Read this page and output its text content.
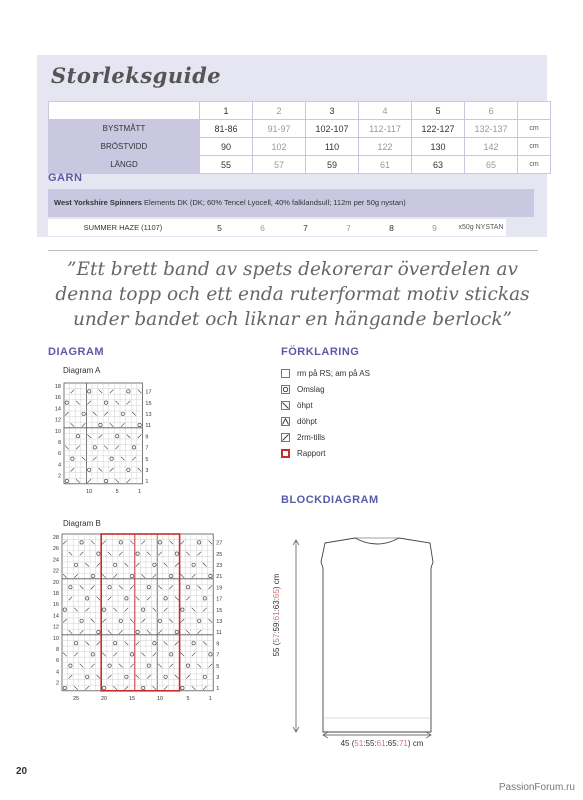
Storleksguide
	1	2	3	4	5	6	
BYSTMÅTT	81-86	91-97	102-107	112-117	122-127	132-137	cm
BRÖSTVIDD	90	102	110	122	130	142	cm
LÄNGD	55	57	59	61	63	65	cm
GARN
West Yorkshire Spinners Elements DK (DK; 60% Tencel Lyocell, 40% falklandsull; 112m per 50g nystan)
SUMMER HAZE (1107)	5	6	7	7	8	9	x50g NYSTAN
”Ett brett band av spets dekorerar överdelen av denna topp och ett enda ruterformat motiv stickas under bandet och liknar en hängande berlock”
DIAGRAM
Diagram A
18
16
14
12
10
8
6
4
2
17
15
13
11
9
7
5
3
1
10	5	1
Diagram B
28
26
24
22
20
18
16
14
12
10
8
6
4
2
27
25
23
21
19
17
15
13
11
9
7
5
3
1
25	20	15	10	5	1
FÖRKLARING
rm på RS; am på AS
Omslag
öhpt
döhpt
2rm-tills
Rapport
BLOCKDIAGRAM
55 (57:59:61:63:65) cm
45 (51:55:61:65:71) cm
20
PassionForum.ru
